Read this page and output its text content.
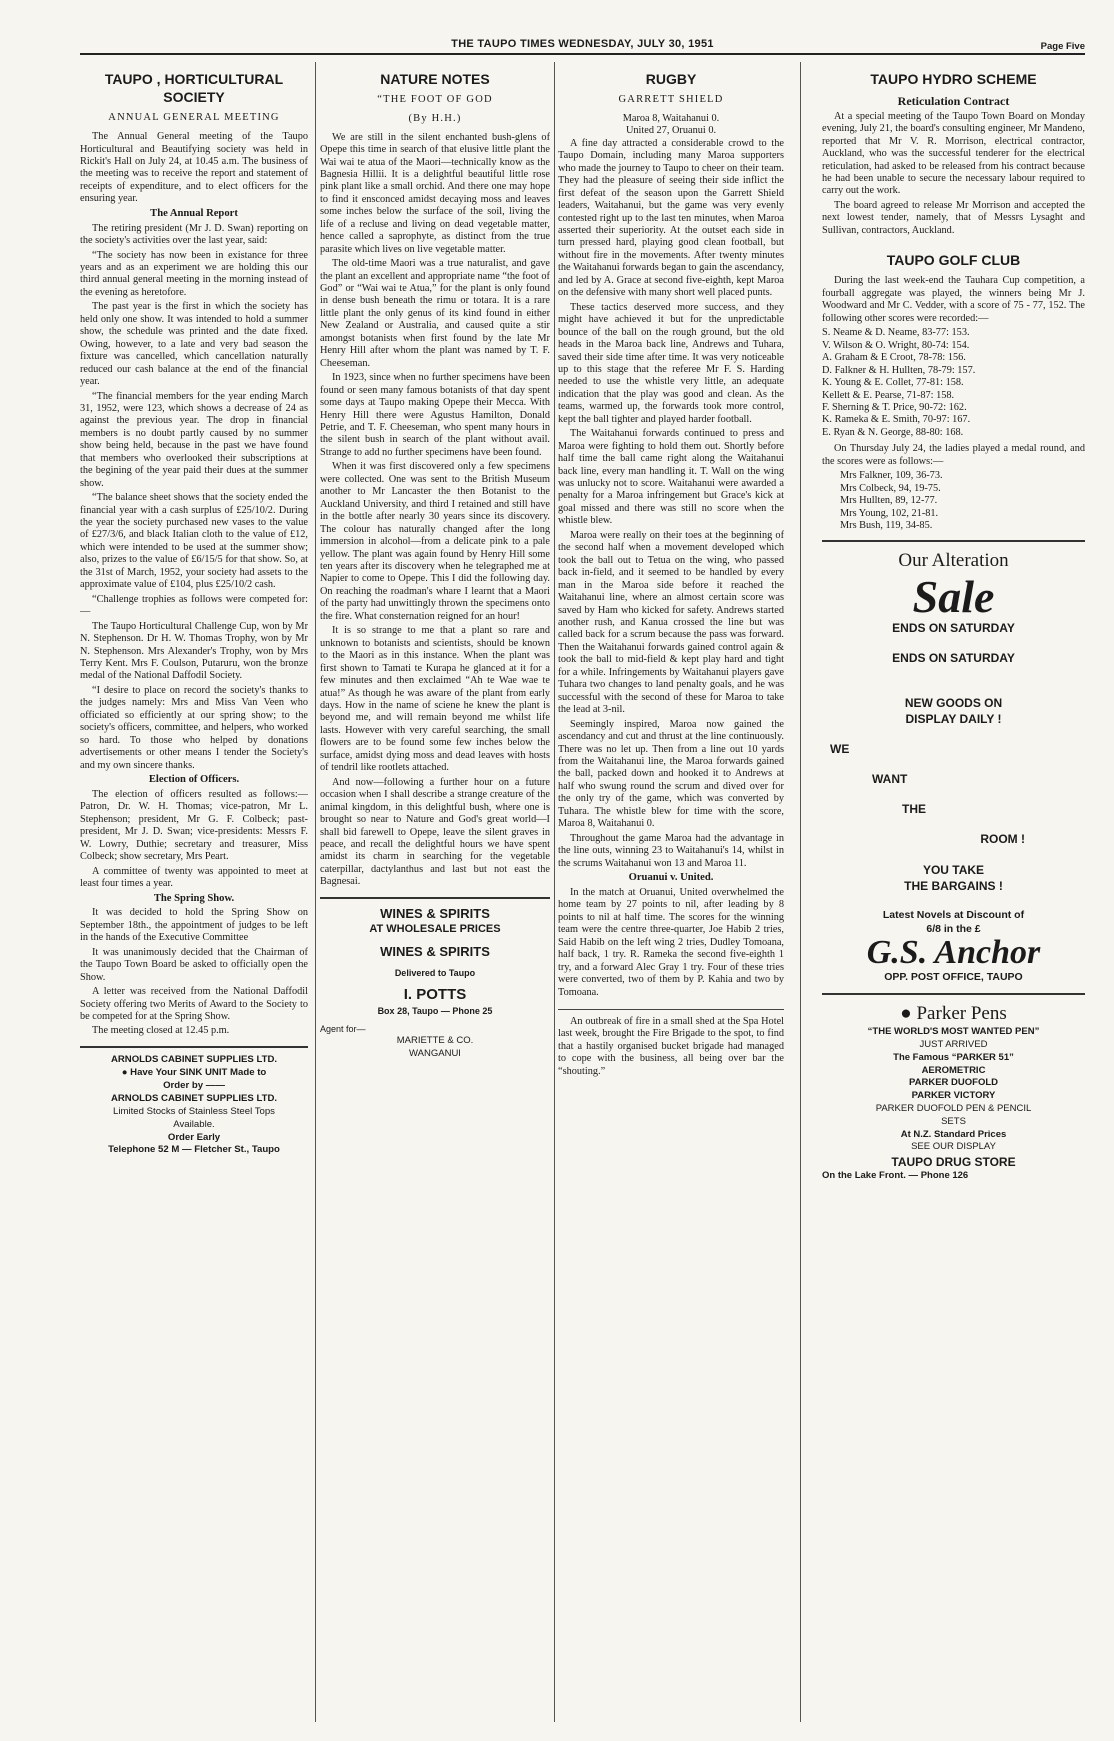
THE TAUPO TIMES WEDNESDAY, JULY 30, 1951	Page Five
TAUPO , HORTICULTURAL SOCIETY
ANNUAL GENERAL MEETING

The Annual General meeting of the Taupo Horticultural and Beautifying society was held in Rickit's Hall on July 24, at 10.45 a.m. The business of the meeting was to receive the report and statement of receipts of expenditure, and to elect officers for the ensuring year.

The Annual Report

The retiring president (Mr J. D. Swan) reporting on the society's activities over the last year, said:

“The society has now been in existance for three years and as an experiment we are holding this our third annual general meeting in the morning instead of the evening as heretofore.

The past year is the first in which the society has held only one show. It was intended to hold a summer show, the schedule was printed and the date fixed. Owing, however, to a late and very bad season the fixture was cancelled, which cancellation naturally reduced our cash balance at the end of the financial year.

“The financial members for the year ending March 31, 1952, were 123, which shows a decrease of 24 as against the previous year. The drop in financial members is no doubt partly caused by no summer show being held, because in the past we have found that members who overlooked their subscriptions at the begining of the year paid their dues at the summer show.

“The balance sheet shows that the society ended the financial year with a cash surplus of £25/10/2. During the year the society purchased new vases to the value of £27/3/6, and black Italian cloth to the value of £12, which were intended to be used at the summer show; also, prizes to the value of £6/15/5 for that show. So, at the 31st of March, 1952, your society had assets to the approximate value of £104, plus £25/10/2 cash.

“Challenge trophies as follows were competed for:—

The Taupo Horticultural Challenge Cup, won by Mr N. Stephenson. Dr H. W. Thomas Trophy, won by Mr N. Stephenson. Mrs Alexander's Trophy, won by Mrs Terry Kent. Mrs F. Coulson, Putaruru, won the bronze medal of the National Daffodil Society.

“I desire to place on record the society's thanks to the judges namely: Mrs and Miss Van Veen who officiated so efficiently at our spring show; to the society's officers, committee, and helpers, who worked so hard. To those who helped by donations advertisements or other means I tender the Society's and my own sincere thanks.

Election of Officers.

The election of officers resulted as follows:—Patron, Dr. W. H. Thomas; vice-patron, Mr L. Stephenson; president, Mr G. F. Colbeck; past-president, Mr J. D. Swan; vice-presidents: Messrs F. W. Lowry, Duthie; secretary and treasurer, Miss Colbeck; show secretary, Mrs Peart.

A committee of twenty was appointed to meet at least four times a year.

The Spring Show.

It was decided to hold the Spring Show on September 18th., the appointment of judges to be left in the hands of the Executive Committee

It was unanimously decided that the Chairman of the Taupo Town Board be asked to officially open the Show.

A letter was received from the National Daffodil Society offering two Merits of Award to the Society to be competed for at the Spring Show.

The meeting closed at 12.45 p.m.

ARNOLDS CABINET SUPPLIES LTD.
● Have Your SINK UNIT Made to
Order by ——
ARNOLDS CABINET SUPPLIES LTD.
Limited Stocks of Stainless Steel Tops
Available.
Order Early
Telephone 52 M — Fletcher St., Taupo
NATURE NOTES
“THE FOOT OF GOD
(By H.H.)

We are still in the silent enchanted bush-glens of Opepe this time in search of that elusive little plant the Wai wai te atua of the Maori—technically know as the Bagnesia Hillii. It is a delightful beautiful little rose pink plant like a small orchid. And there one may hope to find it ensconced amidst decaying moss and leaves some inches below the surface of the soil, living the life of a recluse and living on dead vegetable matter, hence called a saprophyte, as distinct from the true parasite which lives on live vegetable matter.

The old-time Maori was a true naturalist, and gave the plant an excellent and appropriate name “the foot of God” or “Wai wai te Atua,” for the plant is only found in dense bush beneath the rimu or totara. It is a rare little plant the only genus of its kind found in either New Zealand or Australia, and caused quite a stir amongst botanists when first found by the late Mr Henry Hill after whom the plant was named by T. F. Cheeseman.

In 1923, since when no further specimens have been found or seen many famous botanists of that day spent some days at Taupo making Opepe their Mecca. With Henry Hill there were Agustus Hamilton, Donald Petrie, and T. F. Cheeseman, who spent many hours in the silent bush in search of the plant without avail. Strange to add no further specimens have been found.

When it was first discovered only a few specimens were collected. One was sent to the British Museum another to Mr Lancaster the then Botanist to the Auckland University, and third I retained and still have in the bottle after nearly 30 years since its discovery. The colour has naturally changed after the long immersion in alcohol—from a delicate pink to a pale yellow. The plant was again found by Henry Hill some ten years after its discovery when he telegraphed me at Napier to come to Opepe. This I did the following day. On reaching the roadman's whare I learnt that a Maori of the party had unwittingly thrown the specimens onto the fire. What consternation reigned for an hour!

It is so strange to me that a plant so rare and unknown to botanists and scientists, should be known to the Maori as in this instance. When the plant was first shown to Tamati te Kurapa he glanced at it for a few minutes and then exclaimed “Ah te Wae wae te atua!” As though he was aware of the plant from early days. How in the name of sciene he knew the plant is beyond me, and will remain beyond me whilst life lasts. However with very careful searching, the small flowers are to be found some few inches below the surface, amidst dying moss and dead leaves with hosts of tendril like rootlets attached.

And now—following a further hour on a future occasion when I shall describe a strange creature of the animal kingdom, in this delightful bush, where one is brought so near to Nature and God's great world—I shall bid farewell to Opepe, leave the silent graves in peace, and recall the delightful hours we have spent amidst its charm in searching for the vegetable caterpillar, dactylanthus and last but not east the Bagnesai.

WINES & SPIRITS
AT WHOLESALE PRICES
WINES & SPIRITS
Delivered to Taupo
I. POTTS
Box 28, Taupo — Phone 25
Agent for—
MARIETTE & CO.
WANGANUI
RUGBY
GARRETT SHIELD
Maroa 8, Waitahanui 0.
United 27, Oruanui 0.

A fine day attracted a considerable crowd to the Taupo Domain, including many Maroa supporters who made the journey to Taupo to cheer on their team. They had the pleasure of seeing their side inflict the first defeat of the season upon the Garrett Shield leaders, Waitahanui, but the game was very evenly contested right up to the last ten minutes, when Maroa asserted their superiority. At the outset each side in turn pressed hard, playing good clean football, but without fire in the movements. After twenty minutes the Waitahanui forwards began to gain the ascendancy, and led by A. Grace at second five-eighth, kept Maroa on the defensive with many short well placed punts.

These tactics deserved more success, and they might have achieved it but for the unpredictable bounce of the ball on the rough ground, but the old heads in the Maroa back line, Andrews and Tuhara, saved their side time after time. It was very noticeable up to this stage that the referee Mr F. S. Harding needed to use the whistle very little, an adequate indication that the play was good and clean. As the teams, warmed up, the forwards took more control, kept the ball tighter and played harder football.

The Waitahanui forwards continued to press and Maroa were fighting to hold them out. Shortly before half time the ball came right along the Waitahanui back line, every man handling it. T. Wall on the wing was unlucky not to score. Waitahanui were awarded a penalty for a Maroa infringement but Grace's kick at goal missed and there was still no score when the whistle blew.

Maroa were really on their toes at the beginning of the second half when a movement developed which took the ball out to Tetua on the wing, who passed back in-field, and it seemed to be handled by every man in the Maroa side before it reached the Waitahanui line, where an almost certain score was saved by Ham who kicked for safety. Andrews started another rush, and Kanua crossed the line but was called back for a scrum because the pass was forward. Then the Waitahanui forwards gained control again & took the ball to mid-field & kept play hard and tight for a while. Infringements by Waitahanui players gave Tuhara two changes to land penalty goals, and he was successful with the second of these for Maroa to take the lead at 3-nil.

Seemingly inspired, Maroa now gained the ascendancy and cut and thrust at the line continuously. There was no let up. Then from a line out 10 yards from the Waitahanui line, the Maroa forwards gained the ball, packed down and hooked it to Andrews at half who swung round the scrum and dived over for the only try of the game, which was converted by Tuhara. The whistle blew for time with the score, Maroa 8, Waitahanui 0.

Throughout the game Maroa had the advantage in the line outs, winning 23 to Waitahanui's 14, whilst in the scrums Waitahanui won 13 and Maroa 11.

Oruanui v. United.

In the match at Oruanui, United overwhelmed the home team by 27 points to nil, after leading by 8 points to nil at half time. The scores for the winning team were the centre three-quarter, Joe Habib 2 tries, Said Habib on the left wing 2 tries, Dudley Tomoana, half back, 1 try. R. Rameka the second five-eighth 1 try, and a forward Alec Gray 1 try. Four of these tries were converted, two of them by P. Kahia and two by Tomoana.

An outbreak of fire in a small shed at the Spa Hotel last week, brought the Fire Brigade to the spot, to find that a hastily organised bucket brigade had managed to cope with the business, all being over bar the “shouting.”

TAUPO HYDRO SCHEME
Reticulation Contract

At a special meeting of the Taupo Town Board on Monday evening, July 21, the board's consulting engineer, Mr Mandeno, reported that Mr V. R. Morrison, electrical contractor, Auckland, who was the successful tenderer for the electrical reticulation, had asked to be released from his contract because he had been unable to secure the necessary labour required to carry out the work.

The board agreed to release Mr Morrison and accepted the next lowest tender, namely, that of Messrs Lysaght and Sullivan, contractors, Auckland.

TAUPO GOLF CLUB

During the last week-end the Tauhara Cup competition, a fourball aggregate was played, the winners being Mr J. Woodward and Mr C. Vedder, with a score of 75 - 77, 152. The following other scores were recorded:—

S. Neame & D. Neame, 83-77: 153.

V. Wilson & O. Wright, 80-74: 154.

A. Graham & E Croot, 78-78: 156.

D. Falkner & H. Hullten, 78-79: 157.

K. Young & E. Collet, 77-81: 158.

Kellett & E. Pearse, 71-87: 158.

F. Sherning & T. Price, 90-72: 162.

K. Rameka & E. Smith, 70-97: 167.

E. Ryan & N. George, 88-80: 168.

On Thursday July 24, the ladies played a medal round, and the scores were as follows:—

Mrs Falkner, 109, 36-73.

Mrs Colbeck, 94, 19-75.

Mrs Hullten, 89, 12-77.

Mrs Young, 102, 21-81.

Mrs Bush, 119, 34-85.

Our Alteration
Sale
ENDS ON SATURDAY
ENDS ON SATURDAY
NEW GOODS ON
DISPLAY DAILY !
WE
WANT
THE
ROOM !
YOU TAKE
THE BARGAINS !
Latest Novels at Discount of
6/8 in the £
G.S. Anchor
OPP. POST OFFICE, TAUPO
● Parker Pens
“THE WORLD'S MOST WANTED PEN”
JUST ARRIVED
The Famous “PARKER 51”
AEROMETRIC
PARKER DUOFOLD
PARKER VICTORY
PARKER DUOFOLD PEN & PENCIL
SETS
At N.Z. Standard Prices
SEE OUR DISPLAY
TAUPO DRUG STORE
On the Lake Front. — Phone 126
